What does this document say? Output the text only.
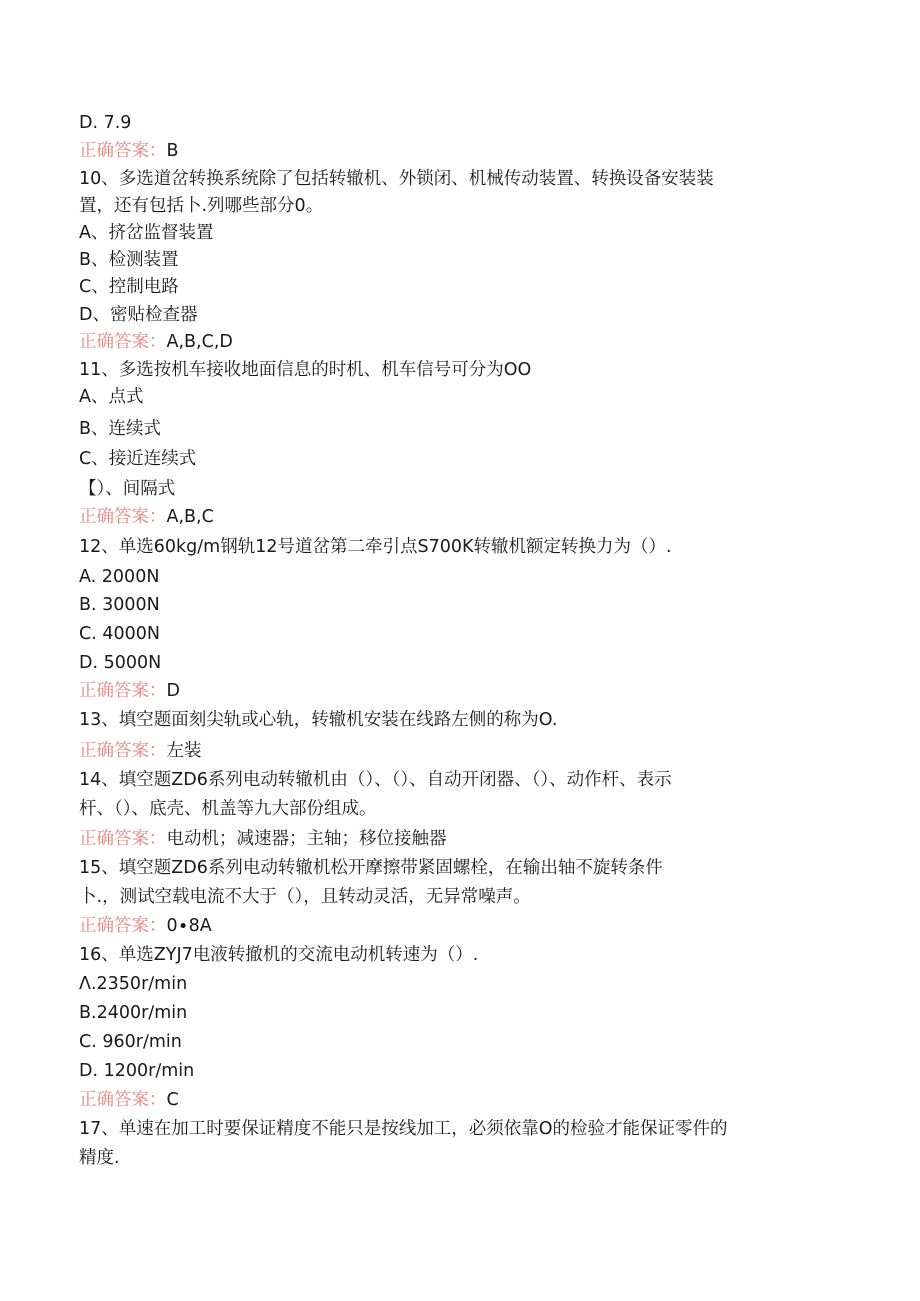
D. 7.9
正确答案：B
10、多选道岔转换系统除了包括转辙机、外锁闭、机械传动装置、转换设备安装装
置，还有包括卜.列哪些部分0。
A、挤岔监督装置
B、检测装置
C、控制电路
D、密贴检查器
正确答案：A,B,C,D
11、多选按机车接收地面信息的时机、机车信号可分为OO
A、点式
B、连续式
C、接近连续式
【）、间隔式
正确答案：A,B,C
12、单选60kg∕m钢轨12号道岔第二牵引点S700K转辙机额定转换力为（）.
A. 2000N
B. 3000N
C. 4000N
D. 5000N
正确答案：D
13、填空题面刻尖轨或心轨，转辙机安装在线路左侧的称为O.
正确答案：左装
14、填空题ZD6系列电动转辙机由（）、（）、自动开闭器、（）、动作杆、表示
杆、（）、底壳、机盖等九大部份组成。
正确答案：电动机；减速器；主轴；移位接触器
15、填空题ZD6系列电动转辙机松开摩擦带紧固螺栓，在输出轴不旋转条件
卜.，测试空载电流不大于（），且转动灵活，无异常噪声。
正确答案：0∙8A
16、单选ZYJ7电液转撤机的交流电动机转速为（）.
Λ.2350r∕min
B.2400r∕min
C. 960r∕min
D. 1200r∕min
正确答案：C
17、单速在加工时要保证精度不能只是按线加工，必须依靠O的检验才能保证零件的
精度.
